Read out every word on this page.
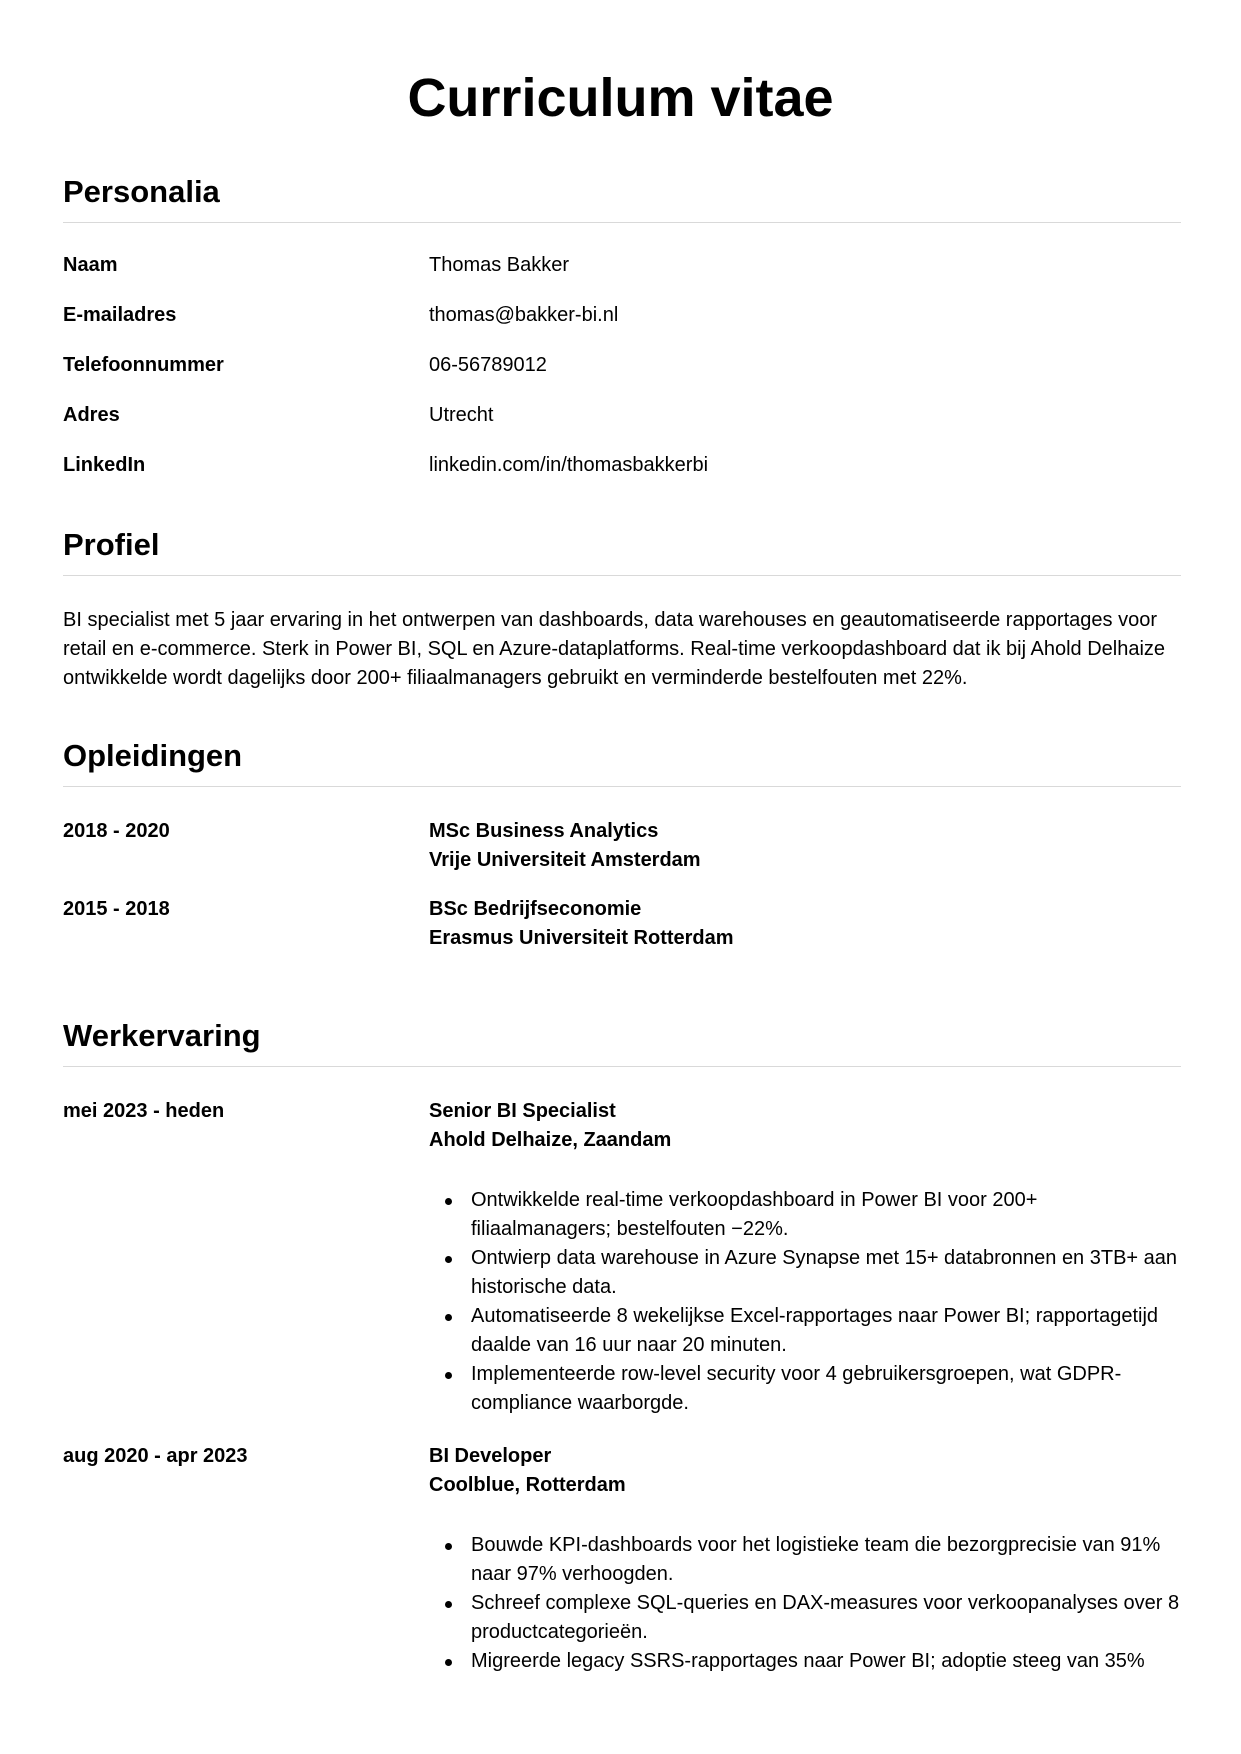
Curriculum vitae
Personalia
Naam	Thomas Bakker
E-mailadres	thomas@bakker-bi.nl
Telefoonnummer	06-56789012
Adres	Utrecht
LinkedIn	linkedin.com/in/thomasbakkerbi
Profiel

BI specialist met 5 jaar ervaring in het ontwerpen van dashboards, data warehouses en geautomatiseerde rapportages voor retail en e-commerce. Sterk in Power BI, SQL en Azure-dataplatforms. Real-time verkoopdashboard dat ik bij Ahold Delhaize ontwikkelde wordt dagelijks door 200+ filiaalmanagers gebruikt en verminderde bestelfouten met 22%.

Opleidingen
2018 - 2020	MSc Business Analytics
Vrije Universiteit Amsterdam
2015 - 2018	BSc Bedrijfseconomie
Erasmus Universiteit Rotterdam
Werkervaring
mei 2023 - heden	Senior BI Specialist
Ahold Delhaize, Zaandam
Ontwikkelde real-time verkoopdashboard in Power BI voor 200+ filiaalmanagers; bestelfouten −22%.
Ontwierp data warehouse in Azure Synapse met 15+ databronnen en 3TB+ aan historische data.
Automatiseerde 8 wekelijkse Excel-rapportages naar Power BI; rapportagetijd daalde van 16 uur naar 20 minuten.
Implementeerde row-level security voor 4 gebruikersgroepen, wat GDPR-compliance waarborgde.
aug 2020 - apr 2023	BI Developer
Coolblue, Rotterdam
Bouwde KPI-dashboards voor het logistieke team die bezorgprecisie van 91% naar 97% verhoogden.
Schreef complexe SQL-queries en DAX-measures voor verkoopanalyses over 8 productcategorieën.
Migreerde legacy SSRS-rapportages naar Power BI; adoptie steeg van 35%
